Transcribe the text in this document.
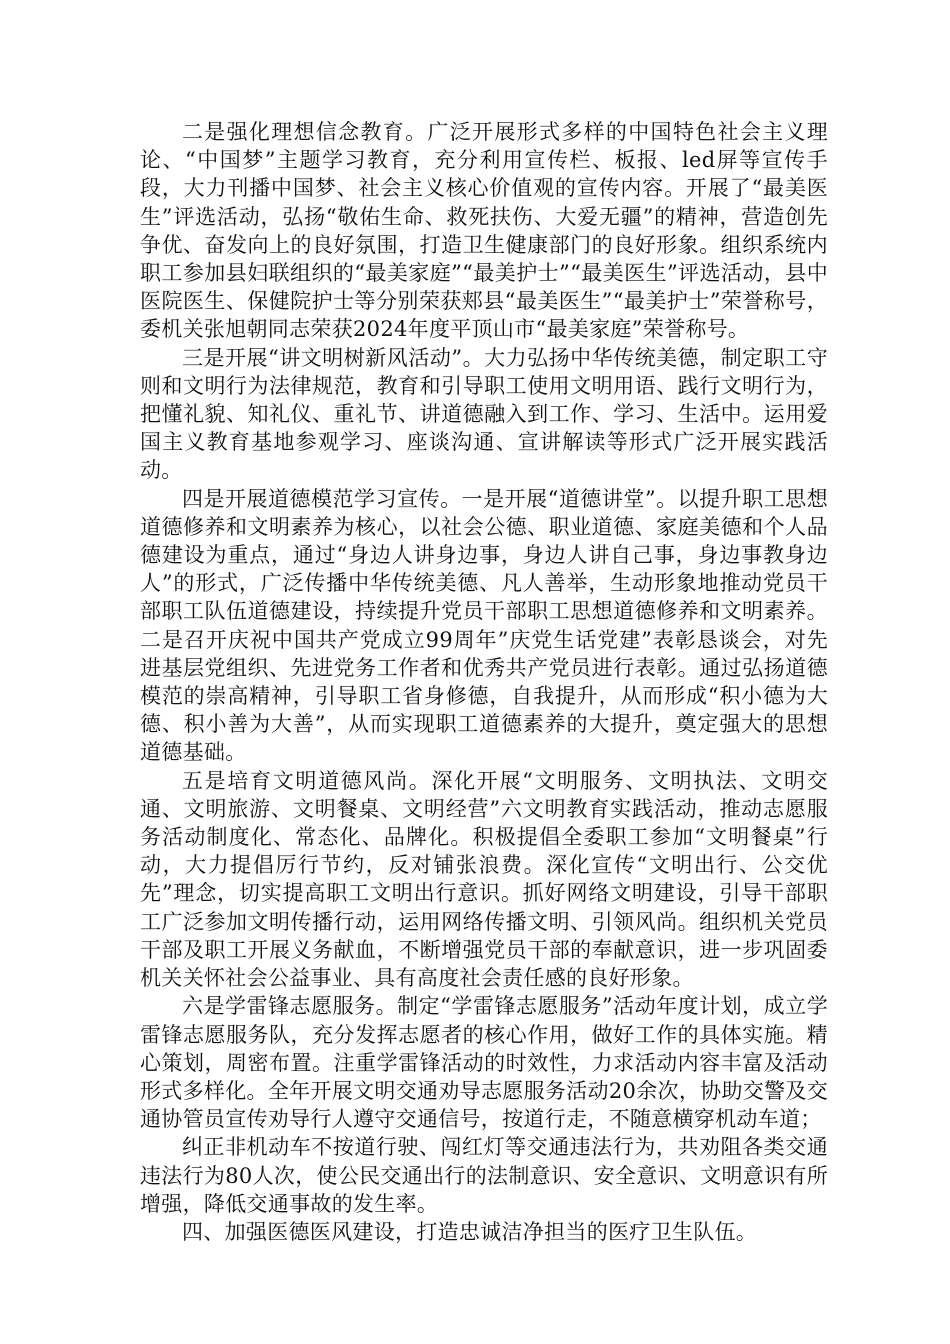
二是强化理想信念教育。广泛开展形式多样的中国特色社会主义理论、“中国梦”主题学习教育，充分利用宣传栏、板报、led屏等宣传手段，大力刊播中国梦、社会主义核心价值观的宣传内容。开展了“最美医生”评选活动，弘扬“敬佑生命、救死扶伤、大爱无疆”的精神，营造创先争优、奋发向上的良好氛围，打造卫生健康部门的良好形象。组织系统内职工参加县妇联组织的“最美家庭”“最美护士”“最美医生”评选活动，县中医院医生、保健院护士等分别荣获郏县“最美医生”“最美护士”荣誉称号，委机关张旭朝同志荣获2024年度平顶山市“最美家庭”荣誉称号。

三是开展“讲文明树新风活动”。大力弘扬中华传统美德，制定职工守则和文明行为法律规范，教育和引导职工使用文明用语、践行文明行为，把懂礼貌、知礼仪、重礼节、讲道德融入到工作、学习、生活中。运用爱国主义教育基地参观学习、座谈沟通、宣讲解读等形式广泛开展实践活动。

四是开展道德模范学习宣传。一是开展“道德讲堂”。以提升职工思想道德修养和文明素养为核心，以社会公德、职业道德、家庭美德和个人品德建设为重点，通过“身边人讲身边事，身边人讲自己事，身边事教身边人”的形式，广泛传播中华传统美德、凡人善举，生动形象地推动党员干部职工队伍道德建设，持续提升党员干部职工思想道德修养和文明素养。二是召开庆祝中国共产党成立99周年”庆党生话党建”表彰恳谈会，对先进基层党组织、先进党务工作者和优秀共产党员进行表彰。通过弘扬道德模范的崇高精神，引导职工省身修德，自我提升，从而形成“积小德为大德、积小善为大善”，从而实现职工道德素养的大提升，奠定强大的思想道德基础。

五是培育文明道德风尚。深化开展“文明服务、文明执法、文明交通、文明旅游、文明餐桌、文明经营”六文明教育实践活动，推动志愿服务活动制度化、常态化、品牌化。积极提倡全委职工参加“文明餐桌”行动，大力提倡厉行节约，反对铺张浪费。深化宣传“文明出行、公交优先”理念，切实提高职工文明出行意识。抓好网络文明建设，引导干部职工广泛参加文明传播行动，运用网络传播文明、引领风尚。组织机关党员干部及职工开展义务献血，不断增强党员干部的奉献意识，进一步巩固委机关关怀社会公益事业、具有高度社会责任感的良好形象。

六是学雷锋志愿服务。制定“学雷锋志愿服务”活动年度计划，成立学雷锋志愿服务队，充分发挥志愿者的核心作用，做好工作的具体实施。精心策划，周密布置。注重学雷锋活动的时效性，力求活动内容丰富及活动形式多样化。全年开展文明交通劝导志愿服务活动20余次，协助交警及交通协管员宣传劝导行人遵守交通信号，按道行走，不随意横穿机动车道；

纠正非机动车不按道行驶、闯红灯等交通违法行为，共劝阻各类交通违法行为80人次，使公民交通出行的法制意识、安全意识、文明意识有所增强，降低交通事故的发生率。

四、加强医德医风建设，打造忠诚洁净担当的医疗卫生队伍。
